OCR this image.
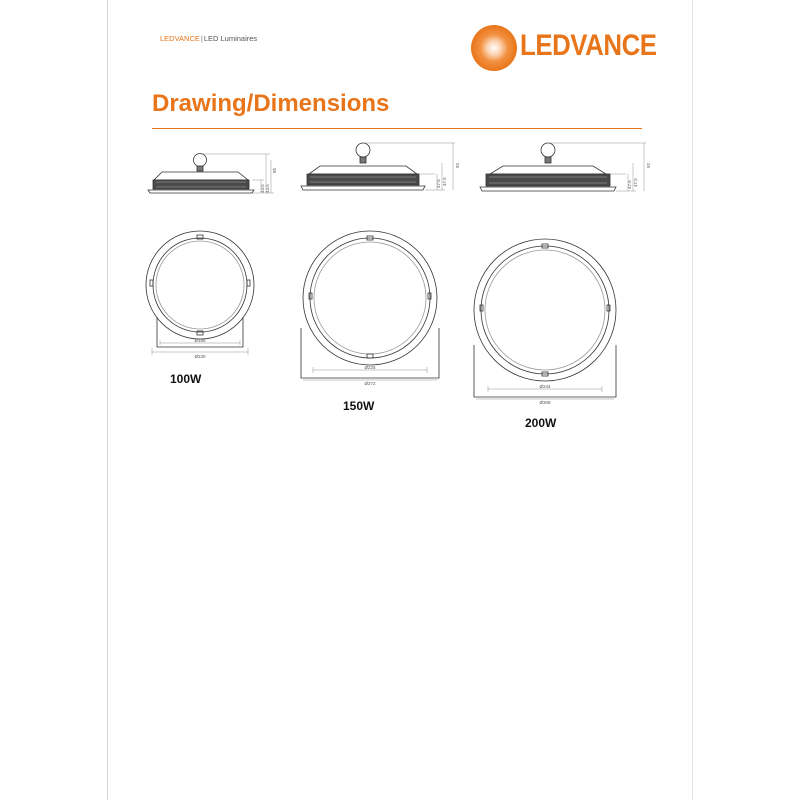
LEDVANCE|LED Luminaires	LEDVANCE
Drawing/Dimensions
85
44.5
44.5
92
47.5
47.5
92
47.5
47.5
Ø186
Ø230
100W
Ø225
Ø272
150W
Ø244
Ø308
200W
